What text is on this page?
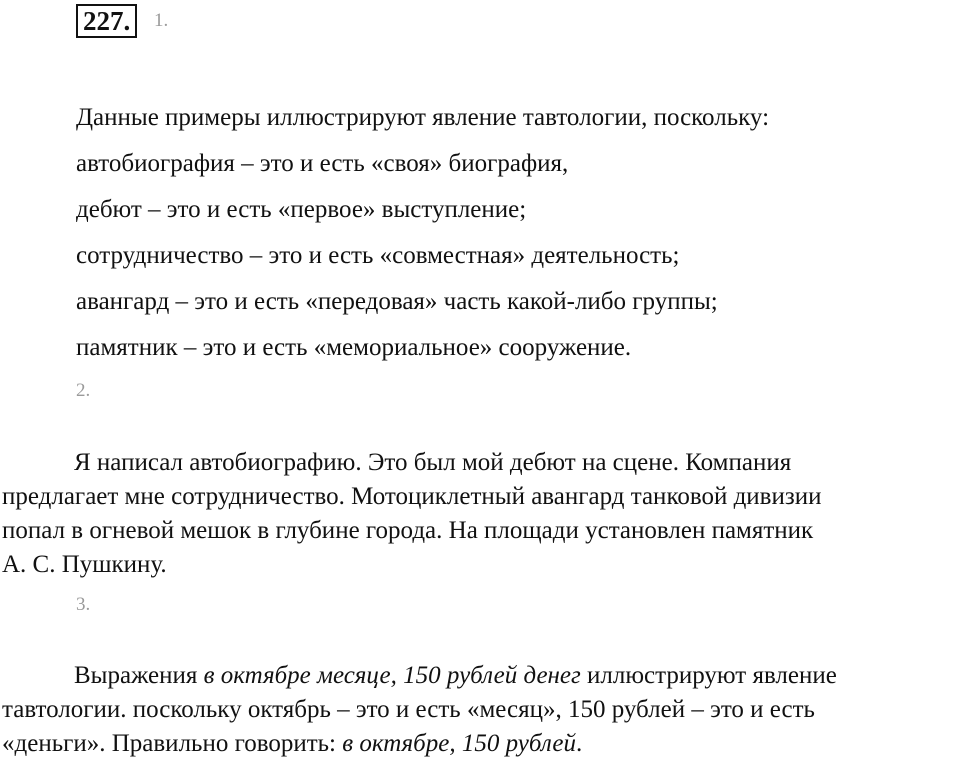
227.	1.
Данные примеры иллюстрируют явление тавтологии, поскольку:
автобиография – это и есть «своя» биография,
дебют – это и есть «первое» выступление;
сотрудничество – это и есть «совместная» деятельность;
авангард – это и есть «передовая» часть какой-либо группы;
памятник – это и есть «мемориальное» сооружение.
2.
Я написал автобиографию. Это был мой дебют на сцене. Компания
предлагает мне сотрудничество. Мотоциклетный авангард танковой дивизии
попал в огневой мешок в глубине города. На площади установлен памятник
А. С. Пушкину.
3.
Выражения в октябре месяце, 150 рублей денег иллюстрируют явление
тавтологии. поскольку октябрь – это и есть «месяц», 150 рублей – это и есть
«деньги». Правильно говорить: в октябре, 150 рублей.
